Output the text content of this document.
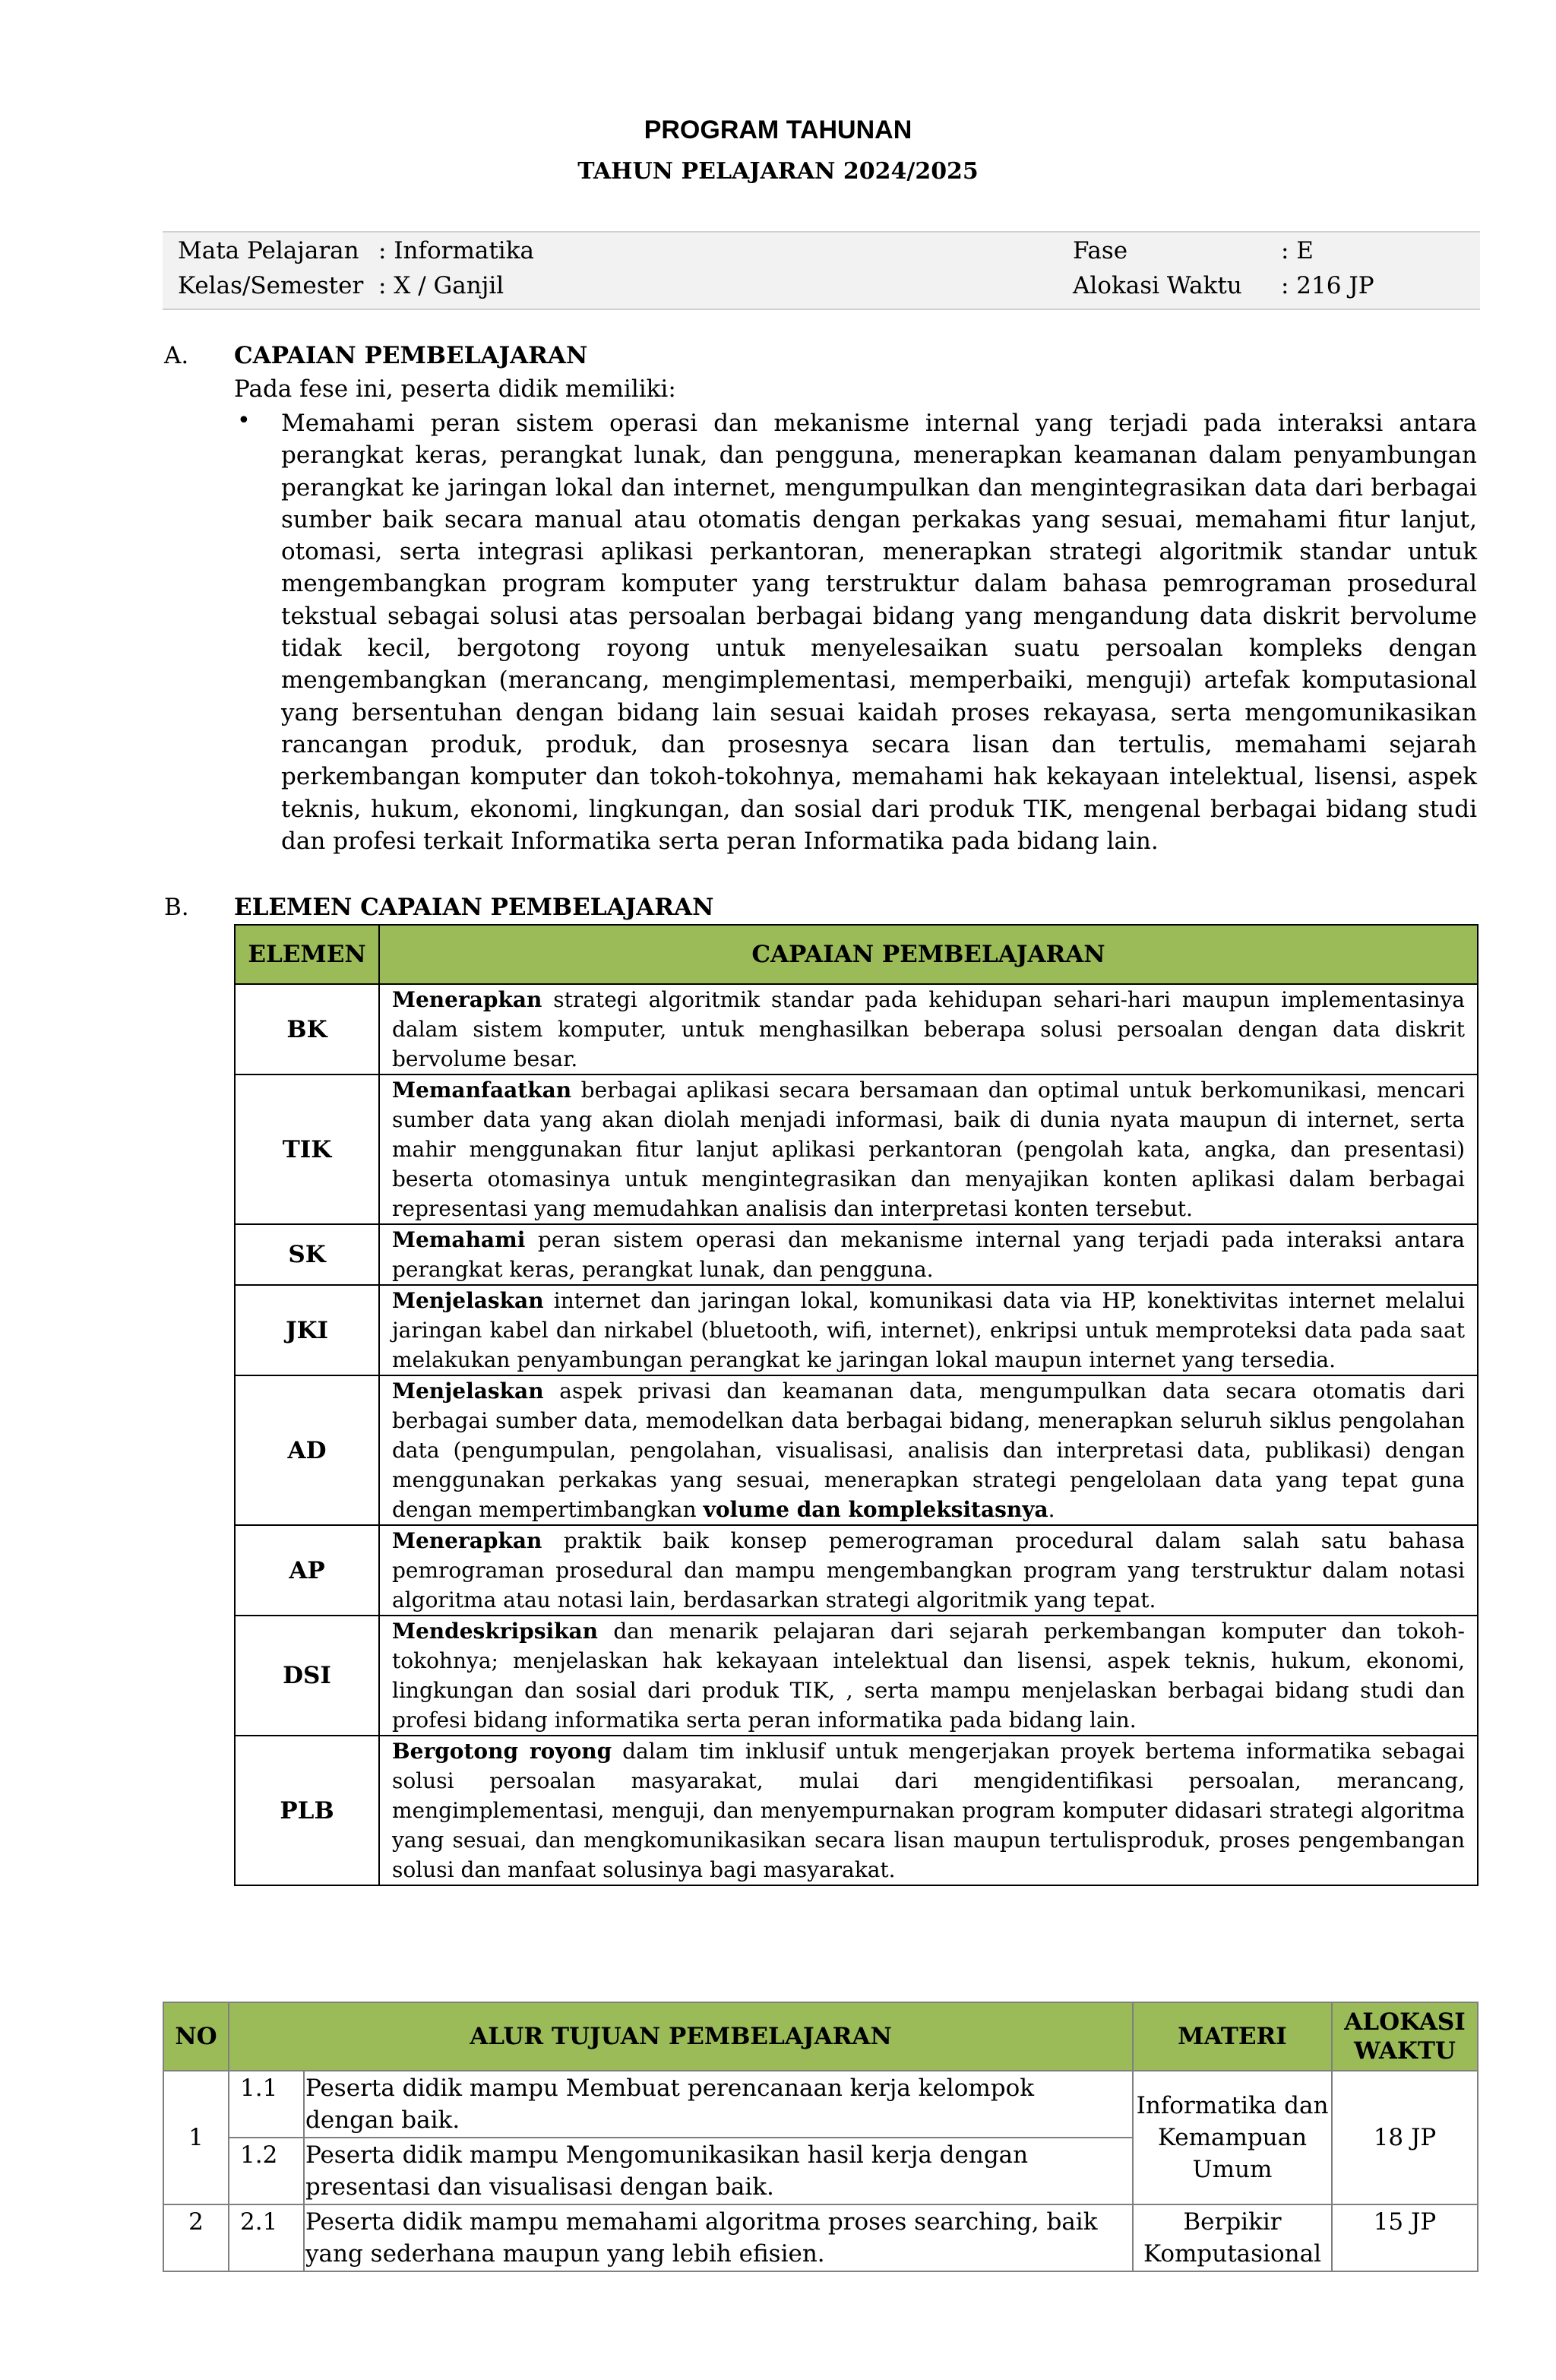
PROGRAM TAHUNAN
TAHUN PELAJARAN 2024/2025
Mata Pelajaran : Informatika
Kelas/Semester : X / Ganjil
Fase	: E
Alokasi Waktu : 216 JP
A. CAPAIAN PEMBELAJARAN
Pada fese ini, peserta didik memiliki:
• Memahami peran sistem operasi dan mekanisme internal yang terjadi pada interaksi antara perangkat keras, perangkat lunak, dan pengguna, menerapkan keamanan dalam penyambungan perangkat ke jaringan lokal dan internet, mengumpulkan dan mengintegrasikan data dari berbagai sumber baik secara manual atau otomatis dengan perkakas yang sesuai, memahami fitur lanjut, otomasi, serta integrasi aplikasi perkantoran, menerapkan strategi algoritmik standar untuk mengembangkan program komputer yang terstruktur dalam bahasa pemrograman prosedural tekstual sebagai solusi atas persoalan berbagai bidang yang mengandung data diskrit bervolume tidak kecil, bergotong royong untuk menyelesaikan suatu persoalan kompleks dengan mengembangkan (merancang, mengimplementasi, memperbaiki, menguji) artefak komputasional yang bersentuhan dengan bidang lain sesuai kaidah proses rekayasa, serta mengomunikasikan rancangan produk, produk, dan prosesnya secara lisan dan tertulis, memahami sejarah perkembangan komputer dan tokoh-tokohnya, memahami hak kekayaan intelektual, lisensi, aspek teknis, hukum, ekonomi, lingkungan, dan sosial dari produk TIK, mengenal berbagai bidang studi dan profesi terkait Informatika serta peran Informatika pada bidang lain.
B. ELEMEN CAPAIAN PEMBELAJARAN
ELEMEN	CAPAIAN PEMBELAJARAN
BK	Menerapkan strategi algoritmik standar pada kehidupan sehari-hari maupun implementasinya dalam sistem komputer, untuk menghasilkan beberapa solusi persoalan dengan data diskrit bervolume besar.
TIK	Memanfaatkan berbagai aplikasi secara bersamaan dan optimal untuk berkomunikasi, mencari sumber data yang akan diolah menjadi informasi, baik di dunia nyata maupun di internet, serta mahir menggunakan fitur lanjut aplikasi perkantoran (pengolah kata, angka, dan presentasi) beserta otomasinya untuk mengintegrasikan dan menyajikan konten aplikasi dalam berbagai representasi yang memudahkan analisis dan interpretasi konten tersebut.
SK	Memahami peran sistem operasi dan mekanisme internal yang terjadi pada interaksi antara perangkat keras, perangkat lunak, dan pengguna.
JKI	Menjelaskan internet dan jaringan lokal, komunikasi data via HP, konektivitas internet melalui jaringan kabel dan nirkabel (bluetooth, wifi, internet), enkripsi untuk memproteksi data pada saat melakukan penyambungan perangkat ke jaringan lokal maupun internet yang tersedia.
AD	Menjelaskan aspek privasi dan keamanan data, mengumpulkan data secara otomatis dari berbagai sumber data, memodelkan data berbagai bidang, menerapkan seluruh siklus pengolahan data (pengumpulan, pengolahan, visualisasi, analisis dan interpretasi data, publikasi) dengan menggunakan perkakas yang sesuai, menerapkan strategi pengelolaan data yang tepat guna dengan mempertimbangkan volume dan kompleksitasnya.
AP	Menerapkan praktik baik konsep pemerograman procedural dalam salah satu bahasa pemrograman prosedural dan mampu mengembangkan program yang terstruktur dalam notasi algoritma atau notasi lain, berdasarkan strategi algoritmik yang tepat.
DSI	Mendeskripsikan dan menarik pelajaran dari sejarah perkembangan komputer dan tokoh-tokohnya; menjelaskan hak kekayaan intelektual dan lisensi, aspek teknis, hukum, ekonomi, lingkungan dan sosial dari produk TIK, , serta mampu menjelaskan berbagai bidang studi dan profesi bidang informatika serta peran informatika pada bidang lain.
PLB	Bergotong royong dalam tim inklusif untuk mengerjakan proyek bertema informatika sebagai solusi persoalan masyarakat, mulai dari mengidentifikasi persoalan, merancang, mengimplementasi, menguji, dan menyempurnakan program komputer didasari strategi algoritma yang sesuai, dan mengkomunikasikan secara lisan maupun tertulisproduk, proses pengembangan solusi dan manfaat solusinya bagi masyarakat.
NO	ALUR TUJUAN PEMBELAJARAN		MATERI	ALOKASI WAKTU
1	1.1	Peserta didik mampu Membuat perencanaan kerja kelompok dengan baik.	Informatika dan Kemampuan Umum	18 JP
	1.2	Peserta didik mampu Mengomunikasikan hasil kerja dengan presentasi dan visualisasi dengan baik.		
2	2.1	Peserta didik mampu memahami algoritma proses searching, baik yang sederhana maupun yang lebih efisien.	Berpikir Komputasional	15 JP
